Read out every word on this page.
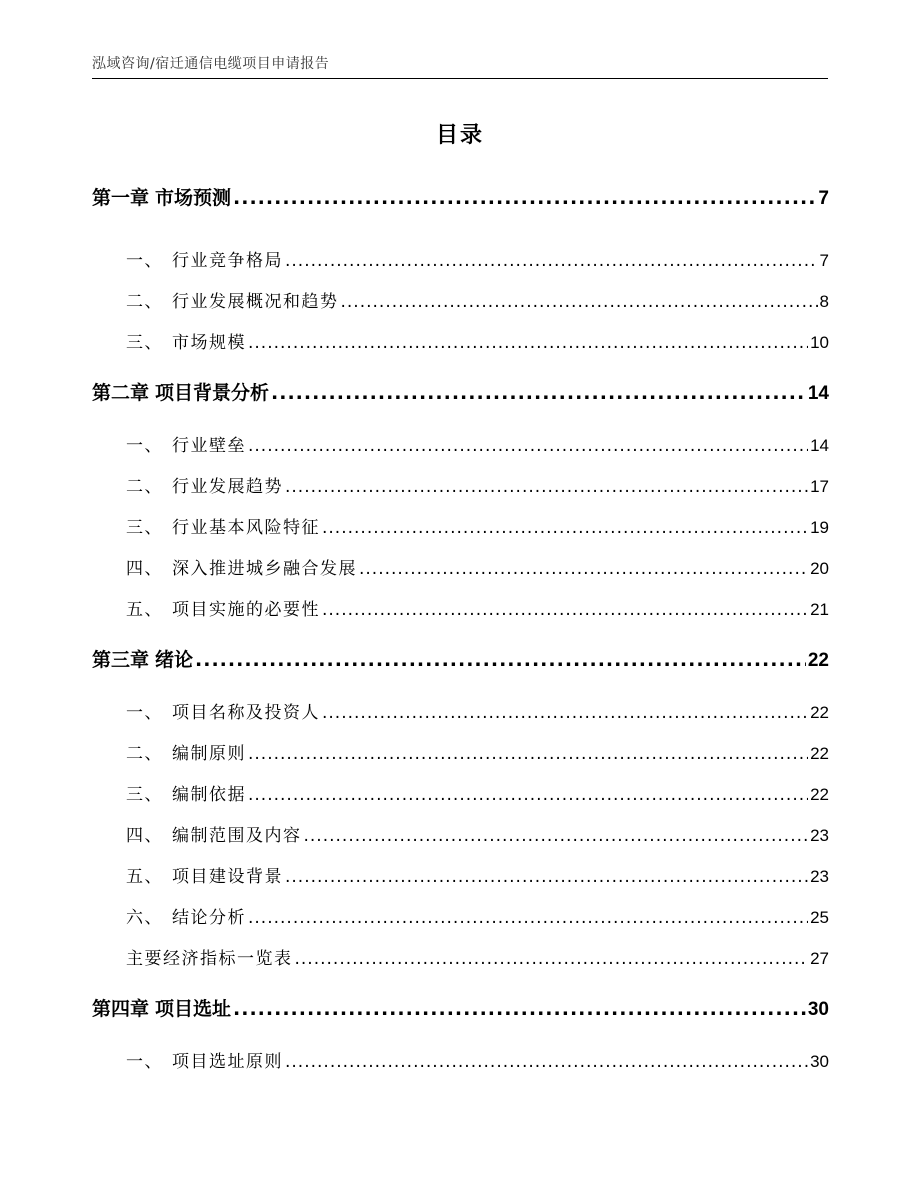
泓域咨询/宿迁通信电缆项目申请报告
目录
第一章 市场预测 .....	7
一、 行业竞争格局 .....	7
二、 行业发展概况和趋势 .....	8
三、 市场规模 .....	10
第二章 项目背景分析 .....	14
一、 行业壁垒 .....	14
二、 行业发展趋势 .....	17
三、 行业基本风险特征 .....	19
四、 深入推进城乡融合发展 .....	20
五、 项目实施的必要性 .....	21
第三章 绪论 .....	22
一、 项目名称及投资人 .....	22
二、 编制原则 .....	22
三、 编制依据 .....	22
四、 编制范围及内容 .....	23
五、 项目建设背景 .....	23
六、 结论分析 .....	25
主要经济指标一览表 .....	27
第四章 项目选址 .....	30
一、 项目选址原则 .....	30
